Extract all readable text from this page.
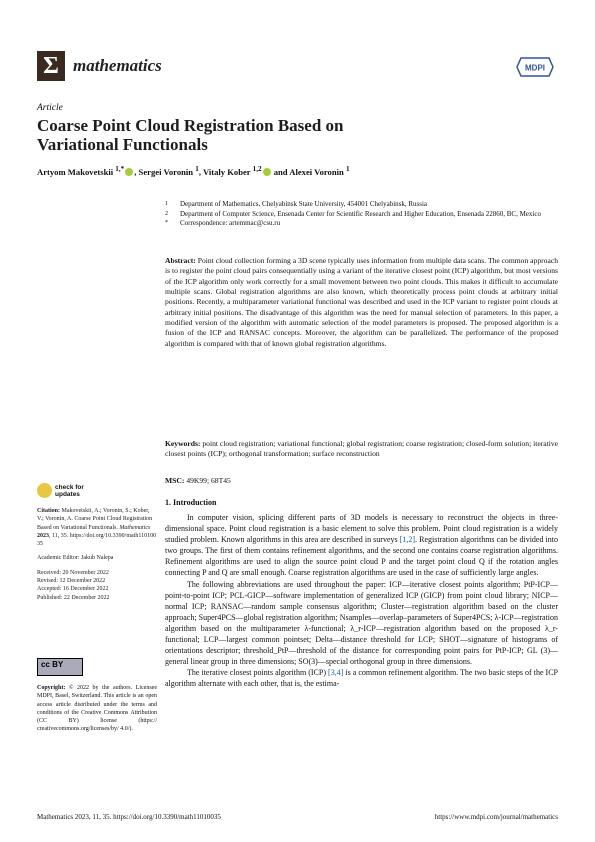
Σ mathematics	MDPI
Article
Coarse Point Cloud Registration Based on Variational Functionals
Artyom Makovetskii $^{1,*}$ , Sergei Voronin $^1$, Vitaly Kober $^{1,2}$ and Alexei Voronin $^1$
1	Department of Mathematics, Chelyabinsk State University, 454001 Chelyabinsk, Russia
2	Department of Computer Science, Ensenada Center for Scientific Research and Higher Education, Ensenada 22860, BC, Mexico
*	Correspondence: artemmac@csu.ru
Abstract: Point cloud collection forming a 3D scene typically uses information from multiple data scans. The common approach is to register the point cloud pairs consequentially using a variant of the iterative closest point (ICP) algorithm, but most versions of the ICP algorithm only work correctly for a small movement between two point clouds. This makes it difficult to accumulate multiple scans. Global registration algorithms are also known, which theoretically process point clouds at arbitrary initial positions. Recently, a multiparameter variational functional was described and used in the ICP variant to register point clouds at arbitrary initial positions. The disadvantage of this algorithm was the need for manual selection of parameters. In this paper, a modified version of the algorithm with automatic selection of the model parameters is proposed. The proposed algorithm is a fusion of the ICP and RANSAC concepts. Moreover, the algorithm can be parallelized. The performance of the proposed algorithm is compared with that of known global registration algorithms.
Keywords: point cloud registration; variational functional; global registration; coarse registration; closed-form solution; iterative closest points (ICP); orthogonal transformation; surface reconstruction
MSC: 49K99; 68T45
check for
updates

Citation: Makovetskii, A.; Voronin, S.; Kober, V.; Voronin, A. Coarse Point Cloud Registration Based on Variational Functionals. Mathematics 2023, 11, 35. https://doi.org/10.3390/math11010035

Academic Editor: Jakub Nalepa

Received: 20 November 2022

Revised: 12 December 2022

Accepted: 16 December 2022

Published: 22 December 2022

cc BY
Copyright: © 2022 by the authors. Licensee MDPI, Basel, Switzerland. This article is an open access article distributed under the terms and conditions of the Creative Commons Attribution (CC BY) license (https:// creativecommons.org/licenses/by/ 4.0/).
1. Introduction

In computer vision, splicing different parts of 3D models is necessary to reconstruct the objects in three-dimensional space. Point cloud registration is a basic element to solve this problem. Point cloud registration is a widely studied problem. Known algorithms in this area are described in surveys [1,2]. Registration algorithms can be divided into two groups. The first of them contains refinement algorithms, and the second one contains coarse registration algorithms. Refinement algorithms are used to align the source point cloud P and the target point cloud Q if the rotation angles connecting P and Q are small enough. Coarse registration algorithms are used in the case of sufficiently large angles.

The following abbreviations are used throughout the paper: ICP—iterative closest points algorithm; PtP-ICP—point-to-point ICP; PCL-GICP—software implementation of generalized ICP (GICP) from point cloud library; NICP—normal ICP; RANSAC—random sample consensus algorithm; Cluster—registration algorithm based on the cluster approach; Super4PCS—global registration algorithm; Nsamples—overlap–parameters of Super4PCS; λ-ICP—registration algorithm based on the multiparameter λ-functional; λ_r-ICP—registration algorithm based on the proposed λ_r-functional; LCP—largest common pointset; Delta—distance threshold for LCP; SHOT—signature of histograms of orientations descriptor; threshold_PtP—threshold of the distance for corresponding point pairs for PtP-ICP; GL (3)—general linear group in three dimensions; SO(3)—special orthogonal group in three dimensions.

The iterative closest points algorithm (ICP) [3,4] is a common refinement algorithm. The two basic steps of the ICP algorithm alternate with each other, that is, the estima-

Mathematics 2023, 11, 35. https://doi.org/10.3390/math11010035	https://www.mdpi.com/journal/mathematics
